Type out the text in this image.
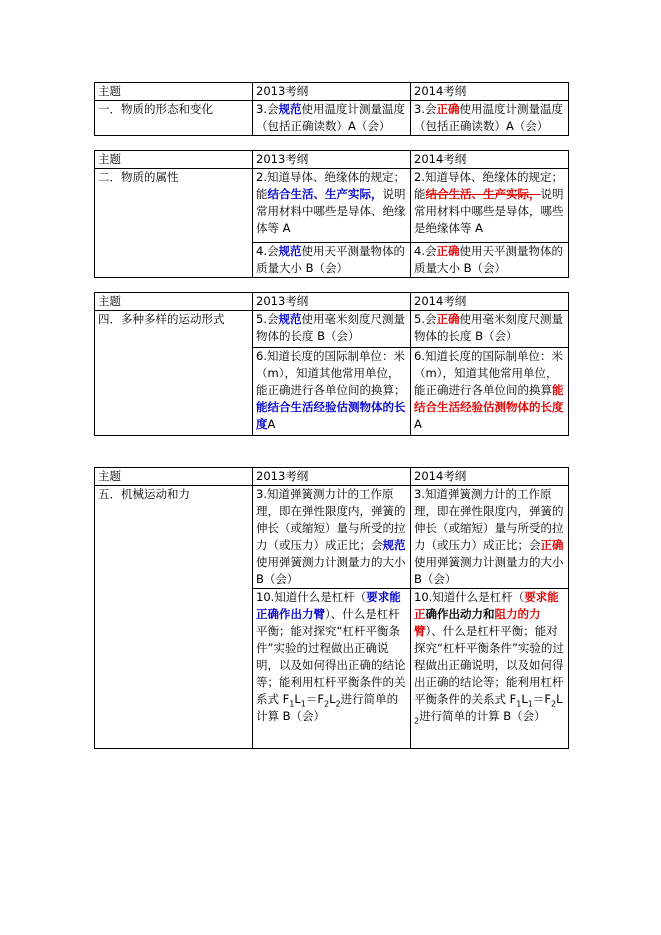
主题	2013考纲	2014考纲
一．物质的形态和变化	3.会规范使用温度计测量温度（包括正确读数）A（会）	3.会正确使用温度计测量温度（包括正确读数）A（会）
主题	2013考纲	2014考纲
二．物质的属性	2.知道导体、绝缘体的规定；能结合生活、生产实际，说明常用材料中哪些是导体、绝缘体等 A	2.知道导体、绝缘体的规定；能结合生活、生产实际，说明常用材料中哪些是导体，哪些是绝缘体等 A
	4.会规范使用天平测量物体的质量大小 B（会）	4.会正确使用天平测量物体的质量大小 B（会）
主题	2013考纲	2014考纲
四．多种多样的运动形式	5.会规范使用毫米刻度尺测量物体的长度 B（会）	5.会正确使用毫米刻度尺测量物体的长度 B（会）
	6.知道长度的国际制单位：米（m），知道其他常用单位，能正确进行各单位间的换算；能结合生活经验估测物体的长度A	6.知道长度的国际制单位：米（m），知道其他常用单位，能正确进行各单位间的换算能结合生活经验估测物体的长度A
主题	2013考纲	2014考纲
五．机械运动和力	3.知道弹簧测力计的工作原理，即在弹性限度内，弹簧的伸长（或缩短）量与所受的拉力（或压力）成正比；会规范使用弹簧测力计测量力的大小 B（会）	3.知道弹簧测力计的工作原理，即在弹性限度内，弹簧的伸长（或缩短）量与所受的拉力（或压力）成正比；会正确使用弹簧测力计测量力的大小 B（会）
	10.知道什么是杠杆（要求能正确作出力臂）、什么是杠杆平衡；能对探究“杠杆平衡条件”实验的过程做出正确说明，以及如何得出正确的结论等；能利用杠杆平衡条件的关系式 $F_1L_1=F_2L_2$进行简单的计算 B（会）	10.知道什么是杠杆（要求能正确作出动力和阻力的力臂）、什么是杠杆平衡；能对探究“杠杆平衡条件”实验的过程做出正确说明，以及如何得出正确的结论等；能利用杠杆平衡条件的关系式 $F_1L_1=F_2L_2$进行简单的计算 B（会）
